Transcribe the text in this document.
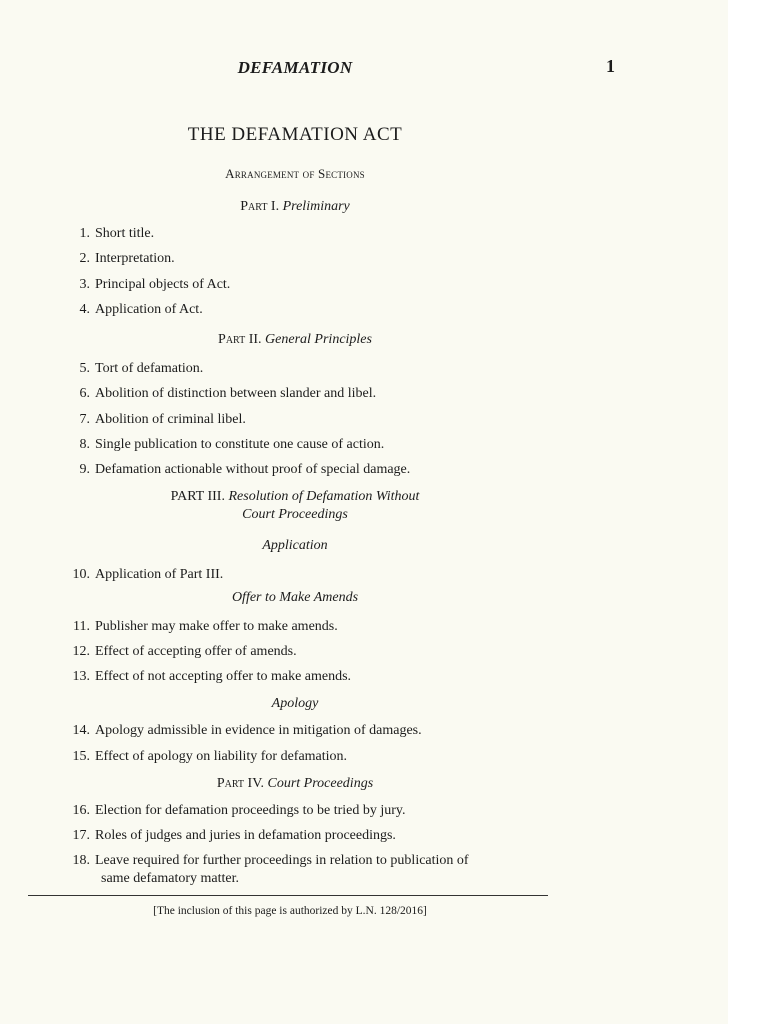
DEFAMATION	1
THE DEFAMATION ACT
Arrangement of Sections
Part I. Preliminary
1. Short title.
2. Interpretation.
3. Principal objects of Act.
4. Application of Act.
Part II. General Principles
5. Tort of defamation.
6. Abolition of distinction between slander and libel.
7. Abolition of criminal libel.
8. Single publication to constitute one cause of action.
9. Defamation actionable without proof of special damage.
PART III. Resolution of Defamation Without
Court Proceedings
Application
10. Application of Part III.
Offer to Make Amends
11. Publisher may make offer to make amends.
12. Effect of accepting offer of amends.
13. Effect of not accepting offer to make amends.
Apology
14. Apology admissible in evidence in mitigation of damages.
15. Effect of apology on liability for defamation.
Part IV. Court Proceedings
16. Election for defamation proceedings to be tried by jury.
17. Roles of judges and juries in defamation proceedings.
18. Leave required for further proceedings in relation to publication of
same defamatory matter.
[The inclusion of this page is authorized by L.N. 128/2016]
